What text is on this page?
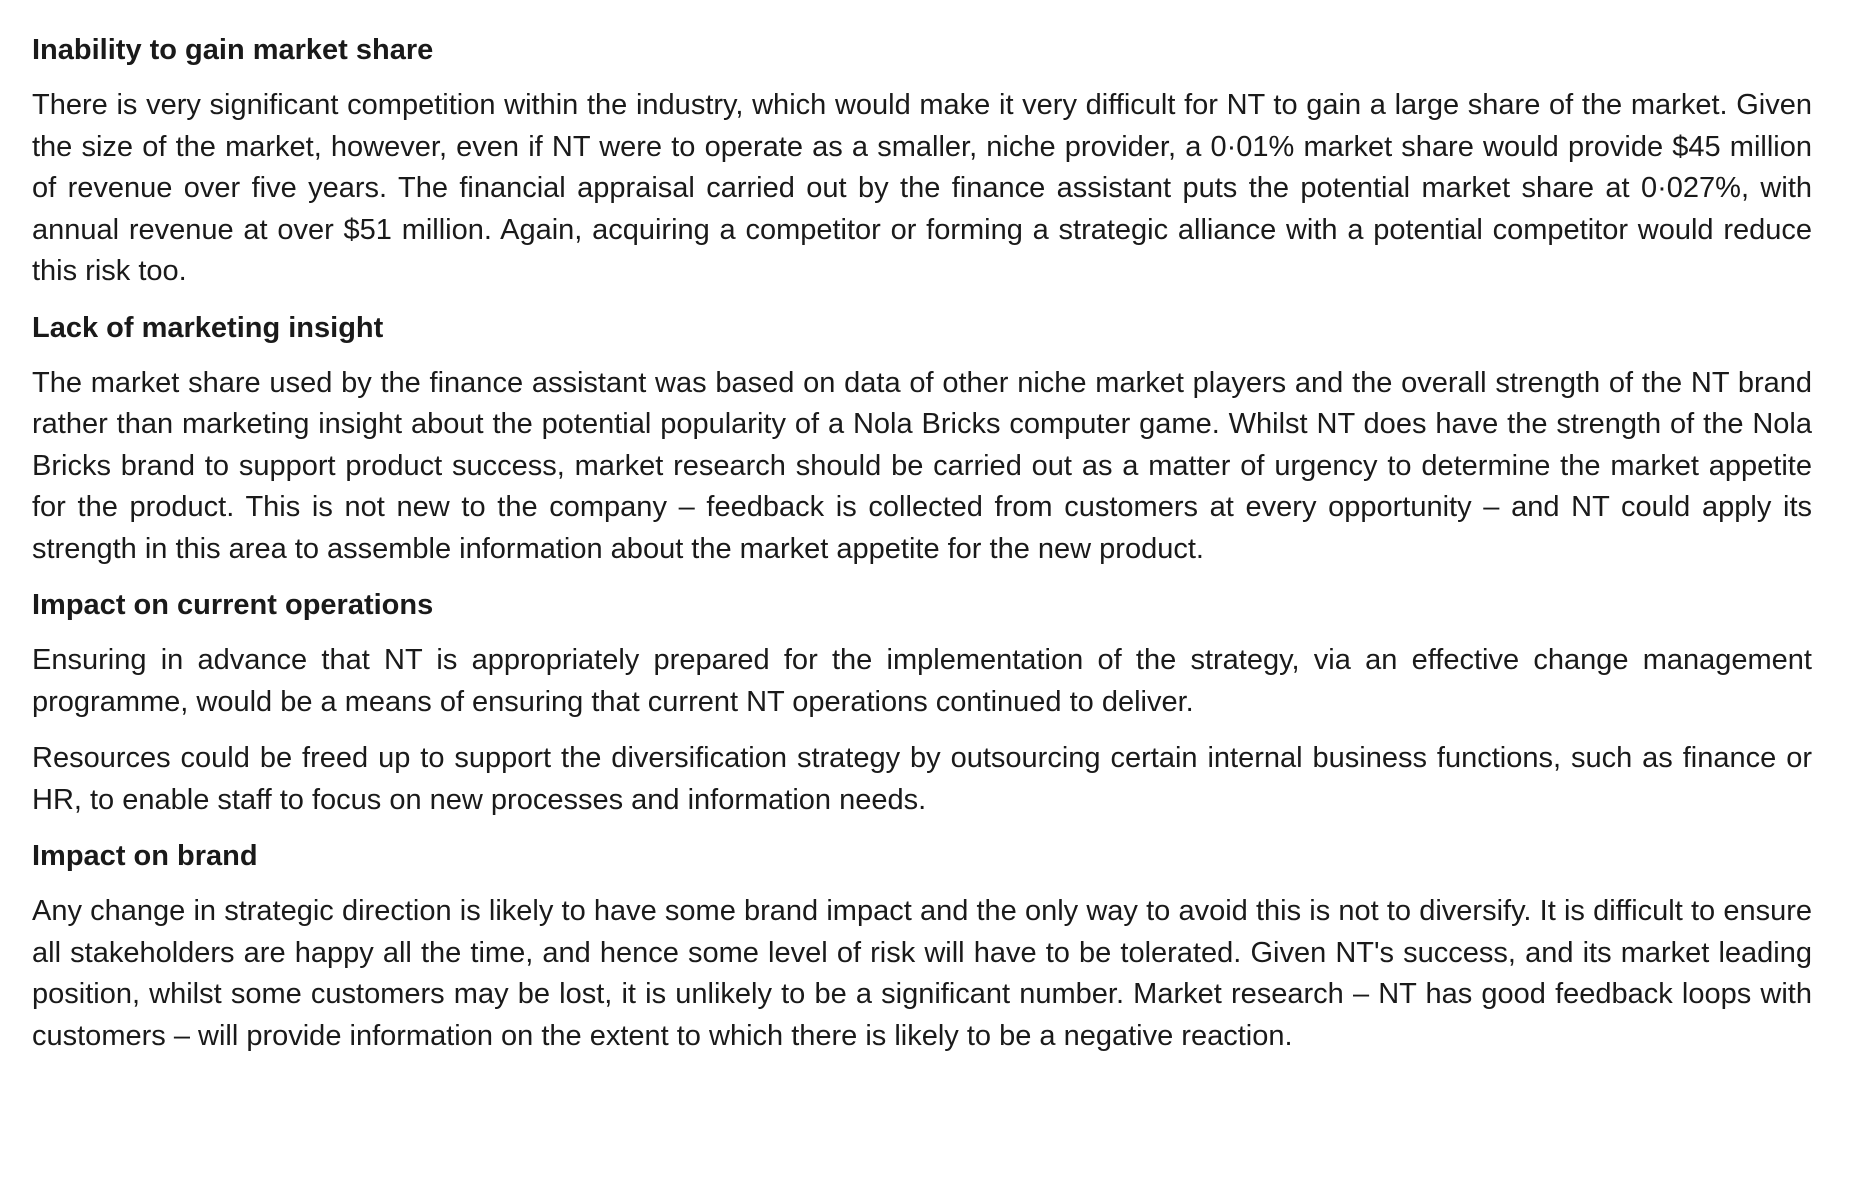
Inability to gain market share

There is very significant competition within the industry, which would make it very difficult for NT to gain a large share of the market. Given the size of the market, however, even if NT were to operate as a smaller, niche provider, a 0·01% market share would provide $45 million of revenue over five years. The financial appraisal carried out by the finance assistant puts the potential market share at 0·027%, with annual revenue at over $51 million. Again, acquiring a competitor or forming a strategic alliance with a potential competitor would reduce this risk too.

Lack of marketing insight

The market share used by the finance assistant was based on data of other niche market players and the overall strength of the NT brand rather than marketing insight about the potential popularity of a Nola Bricks computer game. Whilst NT does have the strength of the Nola Bricks brand to support product success, market research should be carried out as a matter of urgency to determine the market appetite for the product. This is not new to the company – feedback is collected from customers at every opportunity – and NT could apply its strength in this area to assemble information about the market appetite for the new product.

Impact on current operations

Ensuring in advance that NT is appropriately prepared for the implementation of the strategy, via an effective change management programme, would be a means of ensuring that current NT operations continued to deliver.

Resources could be freed up to support the diversification strategy by outsourcing certain internal business functions, such as finance or HR, to enable staff to focus on new processes and information needs.

Impact on brand

Any change in strategic direction is likely to have some brand impact and the only way to avoid this is not to diversify. It is difficult to ensure all stakeholders are happy all the time, and hence some level of risk will have to be tolerated. Given NT's success, and its market leading position, whilst some customers may be lost, it is unlikely to be a significant number. Market research – NT has good feedback loops with customers – will provide information on the extent to which there is likely to be a negative reaction.
